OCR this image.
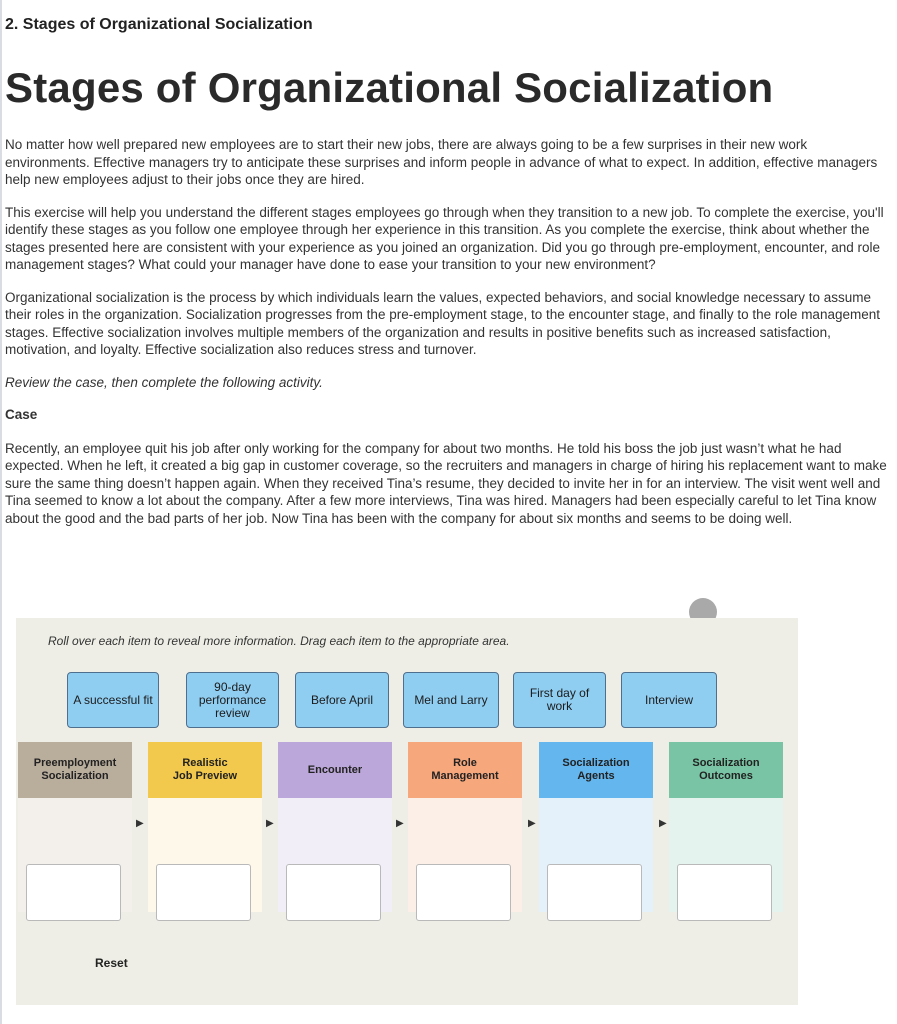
2. Stages of Organizational Socialization
Stages of Organizational Socialization

No matter how well prepared new employees are to start their new jobs, there are always going to be a few surprises in their new work environments. Effective managers try to anticipate these surprises and inform people in advance of what to expect. In addition, effective managers help new employees adjust to their jobs once they are hired.

This exercise will help you understand the different stages employees go through when they transition to a new job. To complete the exercise, you'll identify these stages as you follow one employee through her experience in this transition. As you complete the exercise, think about whether the stages presented here are consistent with your experience as you joined an organization. Did you go through pre-employment, encounter, and role management stages? What could your manager have done to ease your transition to your new environment?

Organizational socialization is the process by which individuals learn the values, expected behaviors, and social knowledge necessary to assume their roles in the organization. Socialization progresses from the pre-employment stage, to the encounter stage, and finally to the role management stages. Effective socialization involves multiple members of the organization and results in positive benefits such as increased satisfaction, motivation, and loyalty. Effective socialization also reduces stress and turnover.

Review the case, then complete the following activity.

Case

Recently, an employee quit his job after only working for the company for about two months. He told his boss the job just wasn’t what he had expected. When he left, it created a big gap in customer coverage, so the recruiters and managers in charge of hiring his replacement want to make sure the same thing doesn’t happen again. When they received Tina’s resume, they decided to invite her in for an interview. The visit went well and Tina seemed to know a lot about the company. After a few more interviews, Tina was hired. Managers had been especially careful to let Tina know about the good and the bad parts of her job. Now Tina has been with the company for about six months and seems to be doing well.

Roll over each item to reveal more information. Drag each item to the appropriate area.
A successful fit
90-day performance review
Before April	Mel and Larry	First day of work	Interview
Preemployment
Socialization
▶
Realistic
Job Preview
▶
Encounter
▶
Role
Management
▶
Socialization
Agents
▶
Socialization
Outcomes
Reset
